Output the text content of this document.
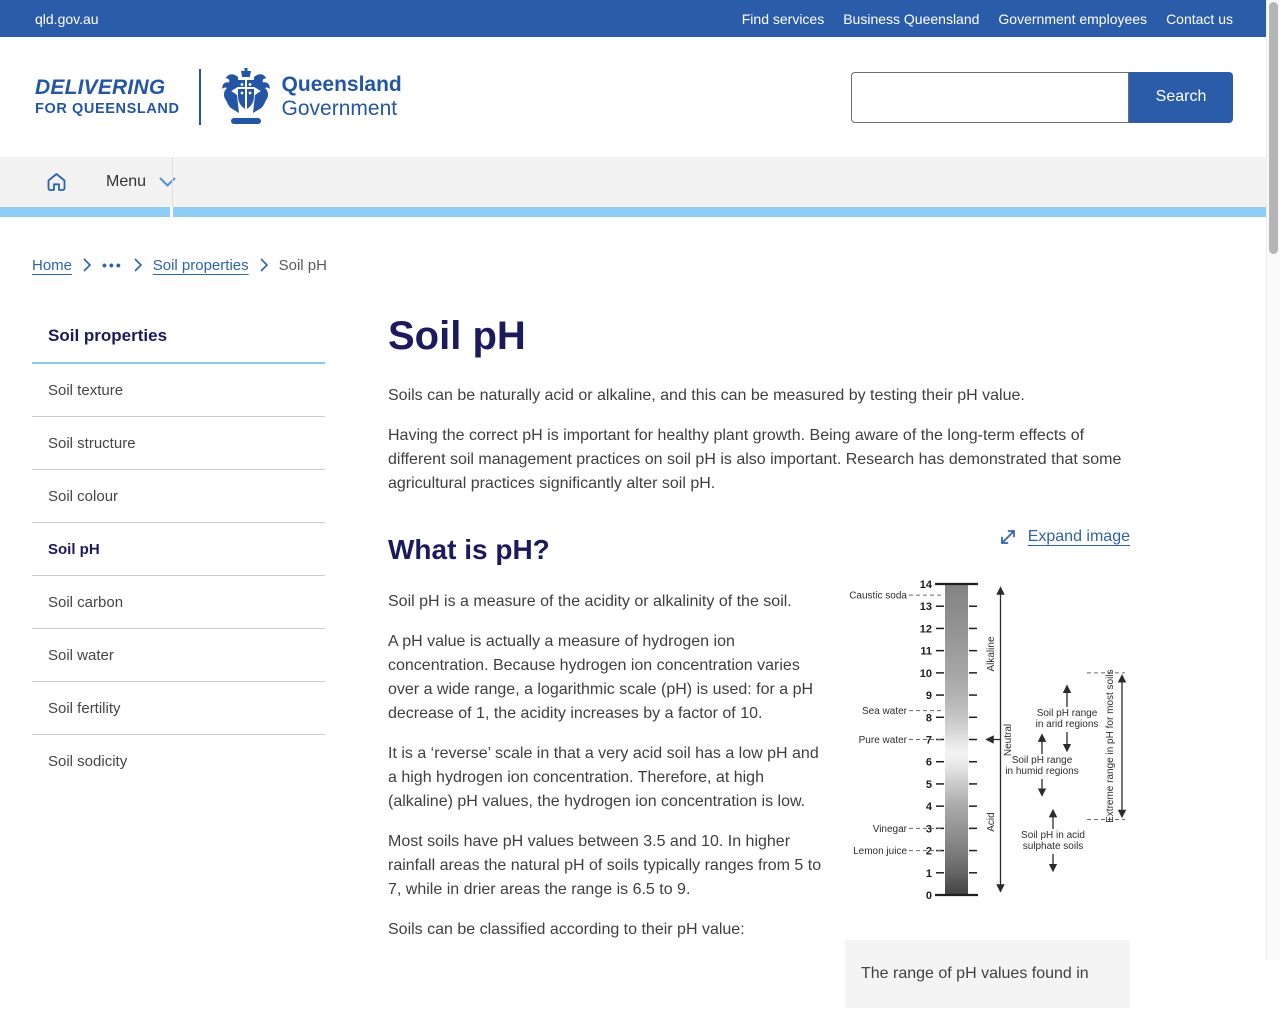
qld.gov.au	Find services Business Queensland Government employees Contact us
DELIVERING
FOR QUEENSLAND
Queensland
Government
Search
Menu
Home ••• Soil properties Soil pH
Soil properties
Soil texture
Soil structure
Soil colour
Soil pH
Soil carbon
Soil water
Soil fertility
Soil sodicity
Soil pH

Soils can be naturally acid or alkaline, and this can be measured by testing their pH value.

Having the correct pH is important for healthy plant growth. Being aware of the long-term effects of different soil management practices on soil pH is also important. Research has demonstrated that some agricultural practices significantly alter soil pH.

Expand image
0
1
2
3
4
5
6
7
8
9
10
11
12
13
14
Caustic soda
Sea water
Pure water
Vinegar
Lemon juice
Alkaline
Neutral
Acid
Soil pH range
in arid regions
Soil pH range
in humid regions
Soil pH in acid
sulphate soils
Extreme range in pH for most soils
The range of pH values found in
What is pH?

Soil pH is a measure of the acidity or alkalinity of the soil.

A pH value is actually a measure of hydrogen ion concentration. Because hydrogen ion concentration varies over a wide range, a logarithmic scale (pH) is used: for a pH decrease of 1, the acidity increases by a factor of 10.

It is a ‘reverse’ scale in that a very acid soil has a low pH and a high hydrogen ion concentration. Therefore, at high (alkaline) pH values, the hydrogen ion concentration is low.

Most soils have pH values between 3.5 and 10. In higher rainfall areas the natural pH of soils typically ranges from 5 to 7, while in drier areas the range is 6.5 to 9.

Soils can be classified according to their pH value:
